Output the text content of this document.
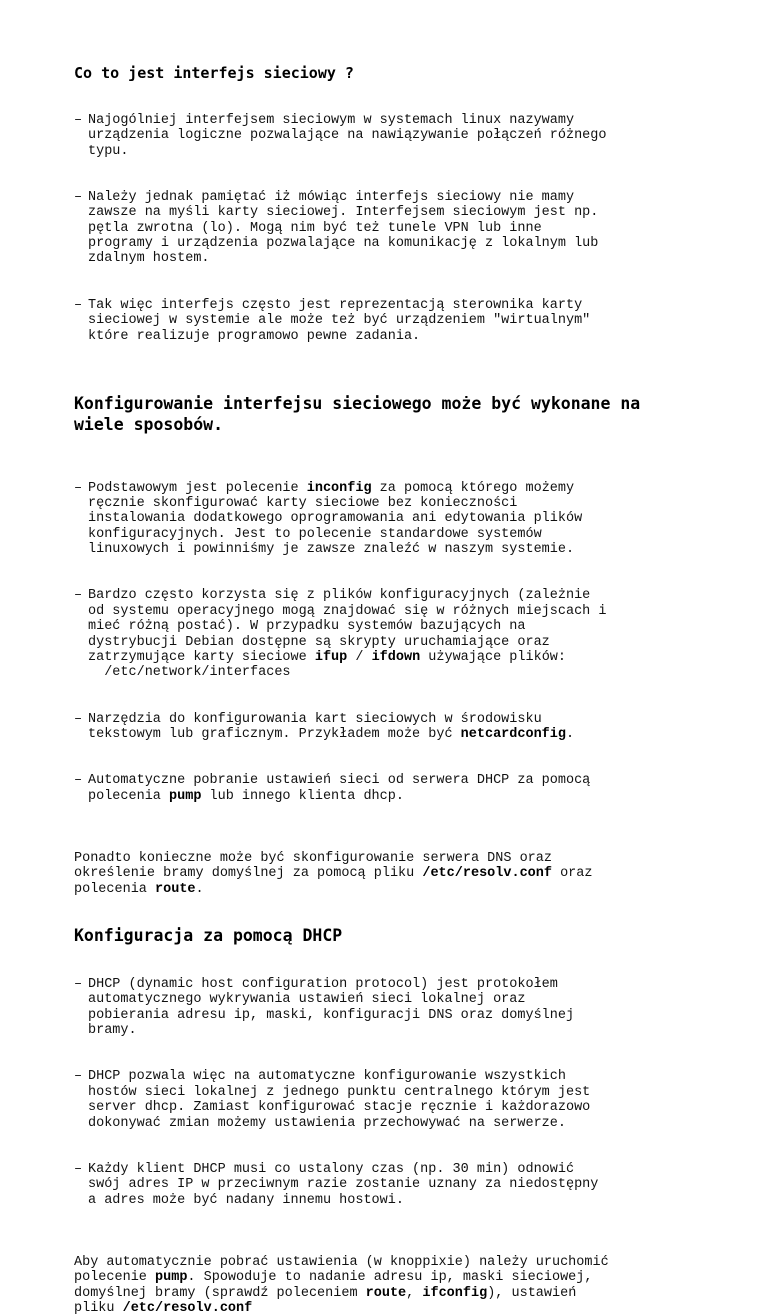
Co to jest interfejs sieciowy ?

– Najogólniej interfejsem sieciowym w systemach linux nazywamy
urządzenia logiczne pozwalające na nawiązywanie połączeń różnego
typu.

– Należy jednak pamiętać iż mówiąc interfejs sieciowy nie mamy
zawsze na myśli karty sieciowej. Interfejsem sieciowym jest np.
pętla zwrotna (lo). Mogą nim być też tunele VPN lub inne
programy i urządzenia pozwalające na komunikację z lokalnym lub
zdalnym hostem.

– Tak więc interfejs często jest reprezentacją sterownika karty
sieciowej w systemie ale może też być urządzeniem "wirtualnym"
które realizuje programowo pewne zadania.

Konfigurowanie interfejsu sieciowego może być wykonane na
wiele sposobów.

– Podstawowym jest polecenie inconfig za pomocą którego możemy
ręcznie skonfigurować karty sieciowe bez konieczności
instalowania dodatkowego oprogramowania ani edytowania plików
konfiguracyjnych. Jest to polecenie standardowe systemów
linuxowych i powinniśmy je zawsze znaleźć w naszym systemie.

– Bardzo często korzysta się z plików konfiguracyjnych (zależnie
od systemu operacyjnego mogą znajdować się w różnych miejscach i
mieć różną postać). W przypadku systemów bazujących na
dystrybucji Debian dostępne są skrypty uruchamiające oraz
zatrzymujące karty sieciowe ifup / ifdown używające plików:
/etc/network/interfaces

– Narzędzia do konfigurowania kart sieciowych w środowisku
tekstowym lub graficznym. Przykładem może być netcardconfig.

– Automatyczne pobranie ustawień sieci od serwera DHCP za pomocą
polecenia pump lub innego klienta dhcp.

Ponadto konieczne może być skonfigurowanie serwera DNS oraz
określenie bramy domyślnej za pomocą pliku /etc/resolv.conf oraz
polecenia route.

Konfiguracja za pomocą DHCP

– DHCP (dynamic host configuration protocol) jest protokołem
automatycznego wykrywania ustawień sieci lokalnej oraz
pobierania adresu ip, maski, konfiguracji DNS oraz domyślnej
bramy.

– DHCP pozwala więc na automatyczne konfigurowanie wszystkich
hostów sieci lokalnej z jednego punktu centralnego którym jest
server dhcp. Zamiast konfigurować stacje ręcznie i każdorazowo
dokonywać zmian możemy ustawienia przechowywać na serwerze.

– Każdy klient DHCP musi co ustalony czas (np. 30 min) odnowić
swój adres IP w przeciwnym razie zostanie uznany za niedostępny
a adres może być nadany innemu hostowi.

Aby automatycznie pobrać ustawienia (w knoppixie) należy uruchomić
polecenie pump. Spowoduje to nadanie adresu ip, maski sieciowej,
domyślnej bramy (sprawdź poleceniem route, ifconfig), ustawień
pliku /etc/resolv.conf
